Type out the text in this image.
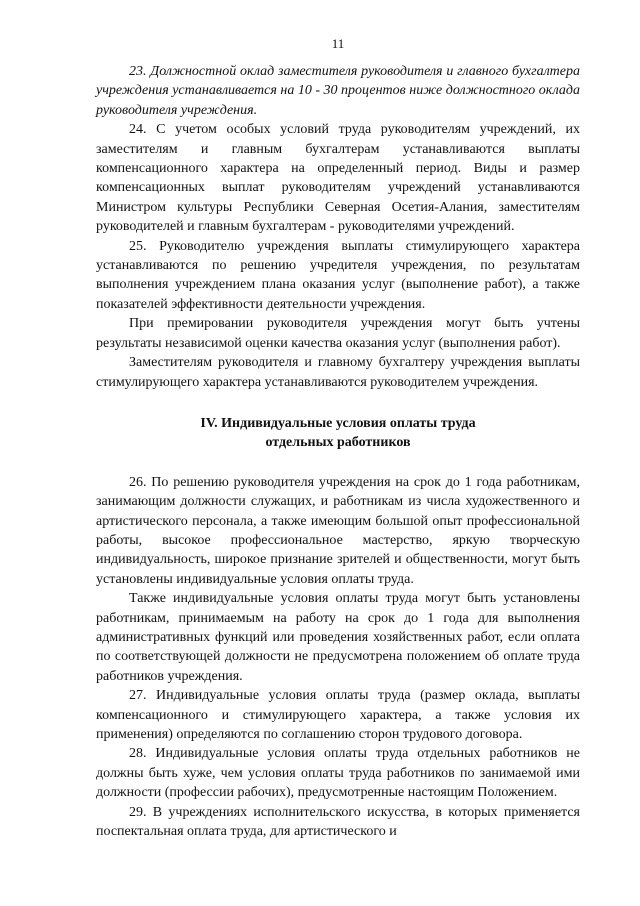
11

23. Должностной оклад заместителя руководителя и главного бухгалтера учреждения устанавливается на 10 - 30 процентов ниже должностного оклада руководителя учреждения.

24. С учетом особых условий труда руководителям учреждений, их заместителям и главным бухгалтерам устанавливаются выплаты компенсационного характера на определенный период. Виды и размер компенсационных выплат руководителям учреждений устанавливаются Министром культуры Республики Северная Осетия-Алания, заместителям руководителей и главным бухгалтерам - руководителями учреждений.

25. Руководителю учреждения выплаты стимулирующего характера устанавливаются по решению учредителя учреждения, по результатам выполнения учреждением плана оказания услуг (выполнение работ), а также показателей эффективности деятельности учреждения.

При премировании руководителя учреждения могут быть учтены результаты независимой оценки качества оказания услуг (выполнения работ).

Заместителям руководителя и главному бухгалтеру учреждения выплаты стимулирующего характера устанавливаются руководителем учреждения.

IV. Индивидуальные условия оплаты труда
отдельных работников

26. По решению руководителя учреждения на срок до 1 года работникам, занимающим должности служащих, и работникам из числа художественного и артистического персонала, а также имеющим большой опыт профессиональной работы, высокое профессиональное мастерство, яркую творческую индивидуальность, широкое признание зрителей и общественности, могут быть установлены индивидуальные условия оплаты труда.

Также индивидуальные условия оплаты труда могут быть установлены работникам, принимаемым на работу на срок до 1 года для выполнения административных функций или проведения хозяйственных работ, если оплата по соответствующей должности не предусмотрена положением об оплате труда работников учреждения.

27. Индивидуальные условия оплаты труда (размер оклада, выплаты компенсационного и стимулирующего характера, а также условия их применения) определяются по соглашению сторон трудового договора.

28. Индивидуальные условия оплаты труда отдельных работников не должны быть хуже, чем условия оплаты труда работников по занимаемой ими должности (профессии рабочих), предусмотренные настоящим Положением.

29. В учреждениях исполнительского искусства, в которых применяется поспектальная оплата труда, для артистического и
